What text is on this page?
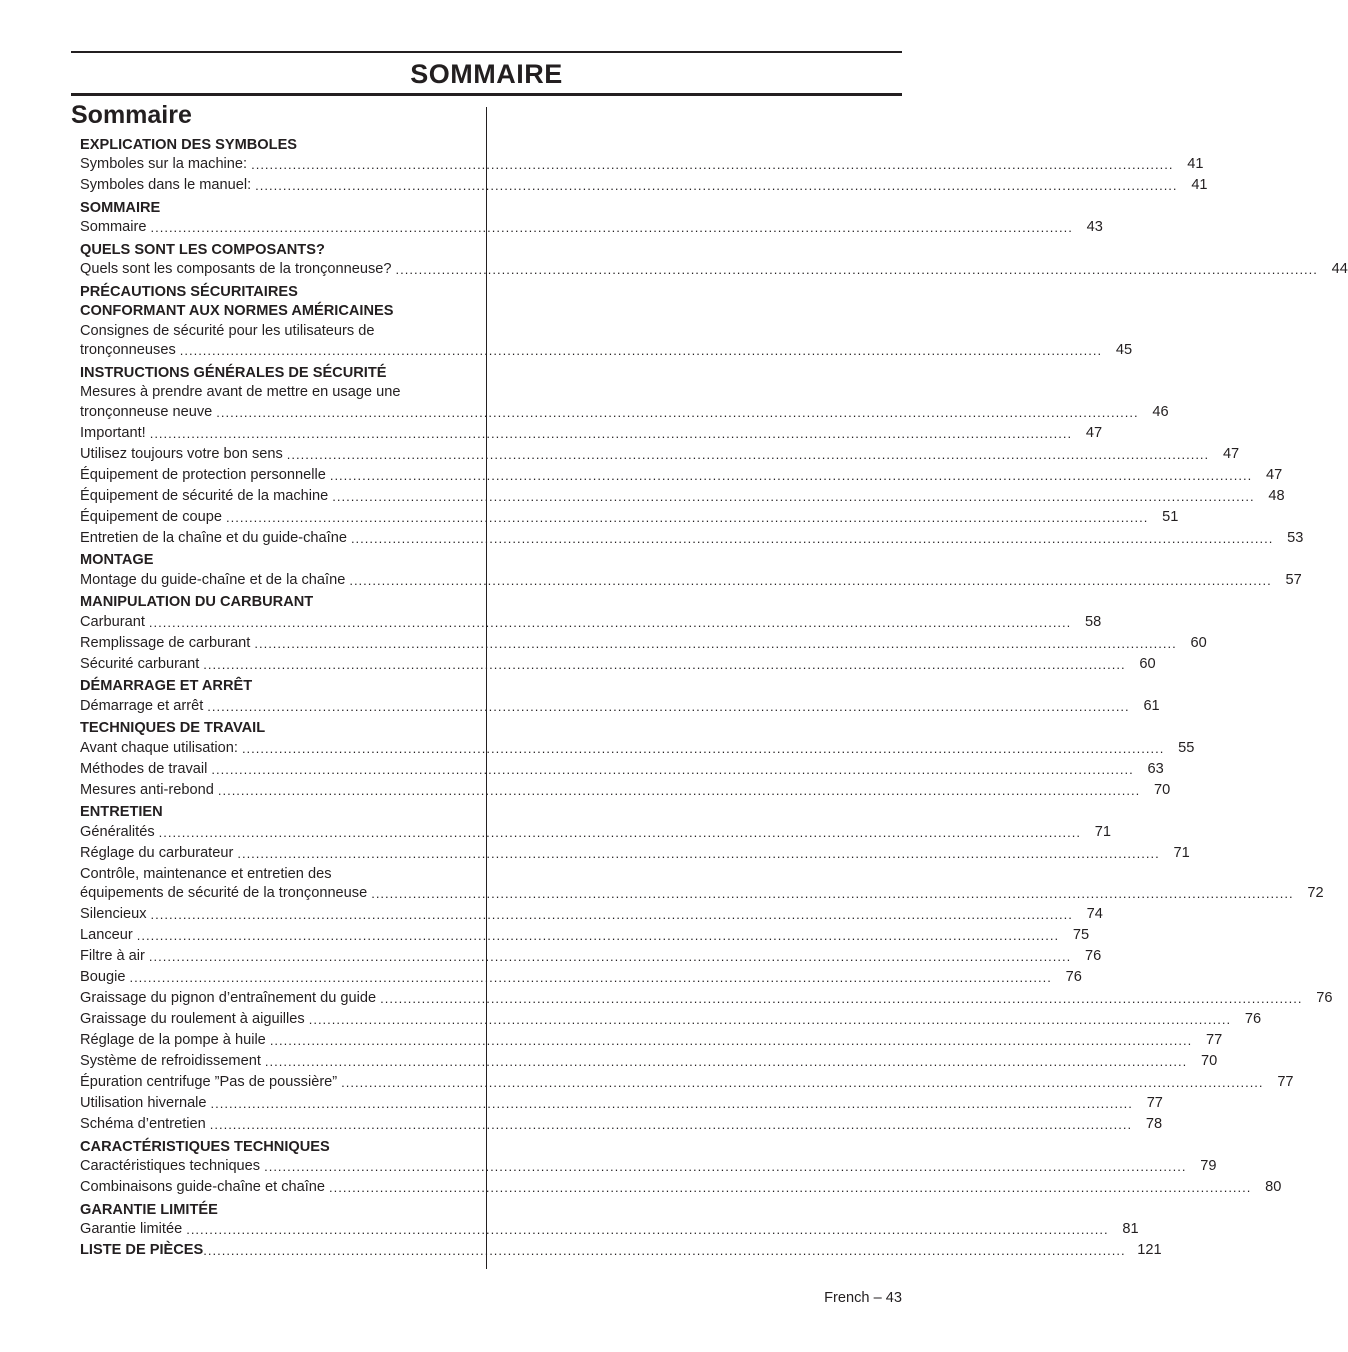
SOMMAIRE
Sommaire
EXPLICATION DES SYMBOLES
Symboles sur la machine: ........................................................................................................................................................................................................ 41
Symboles dans le manuel: ........................................................................................................................................................................................................ 41
SOMMAIRE
Sommaire ........................................................................................................................................................................................................ 43
QUELS SONT LES COMPOSANTS?
Quels sont les composants de la tronçonneuse? ........................................................................................................................................................................................................ 44
PRÉCAUTIONS SÉCURITAIRES
CONFORMANT AUX NORMES AMÉRICAINES
Consignes de sécurité pour les utilisateurs de
tronçonneuses ........................................................................................................................................................................................................ 45
INSTRUCTIONS GÉNÉRALES DE SÉCURITÉ
Mesures à prendre avant de mettre en usage une
tronçonneuse neuve ........................................................................................................................................................................................................ 46
Important! ........................................................................................................................................................................................................ 47
Utilisez toujours votre bon sens ........................................................................................................................................................................................................ 47
Équipement de protection personnelle ........................................................................................................................................................................................................ 47
Équipement de sécurité de la machine ........................................................................................................................................................................................................ 48
Équipement de coupe ........................................................................................................................................................................................................ 51
Entretien de la chaîne et du guide-chaîne ........................................................................................................................................................................................................ 53
MONTAGE
Montage du guide-chaîne et de la chaîne ........................................................................................................................................................................................................ 57
MANIPULATION DU CARBURANT
Carburant ........................................................................................................................................................................................................ 58
Remplissage de carburant ........................................................................................................................................................................................................ 60
Sécurité carburant ........................................................................................................................................................................................................ 60
DÉMARRAGE ET ARRÊT
Démarrage et arrêt ........................................................................................................................................................................................................ 61
TECHNIQUES DE TRAVAIL
Avant chaque utilisation: ........................................................................................................................................................................................................ 55
Méthodes de travail ........................................................................................................................................................................................................ 63
Mesures anti-rebond ........................................................................................................................................................................................................ 70
ENTRETIEN
Généralités ........................................................................................................................................................................................................ 71
Réglage du carburateur ........................................................................................................................................................................................................ 71
Contrôle, maintenance et entretien des
équipements de sécurité de la tronçonneuse ........................................................................................................................................................................................................ 72
Silencieux ........................................................................................................................................................................................................ 74
Lanceur ........................................................................................................................................................................................................ 75
Filtre à air ........................................................................................................................................................................................................ 76
Bougie ........................................................................................................................................................................................................ 76
Graissage du pignon d’entraînement du guide ........................................................................................................................................................................................................ 76
Graissage du roulement à aiguilles ........................................................................................................................................................................................................ 76
Réglage de la pompe à huile ........................................................................................................................................................................................................ 77
Système de refroidissement ........................................................................................................................................................................................................ 70
Épuration centrifuge ”Pas de poussière” ........................................................................................................................................................................................................ 77
Utilisation hivernale ........................................................................................................................................................................................................ 77
Schéma d’entretien ........................................................................................................................................................................................................ 78
CARACTÉRISTIQUES TECHNIQUES
Caractéristiques techniques ........................................................................................................................................................................................................ 79
Combinaisons guide-chaîne et chaîne ........................................................................................................................................................................................................ 80
GARANTIE LIMITÉE
Garantie limitée ........................................................................................................................................................................................................ 81
LISTE DE PIÈCES ........................................................................................................................................................................................................ 121
French – 43
